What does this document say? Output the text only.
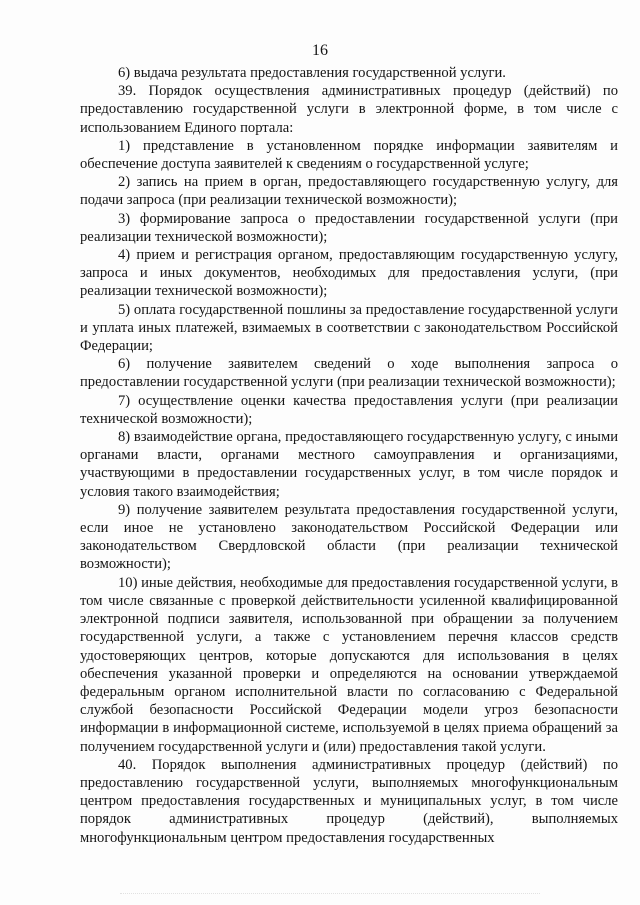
16

6) выдача результата предоставления государственной услуги.

39. Порядок осуществления административных процедур (действий) по предоставлению государственной услуги в электронной форме, в том числе с использованием Единого портала:

1) представление в установленном порядке информации заявителям и обеспечение доступа заявителей к сведениям о государственной услуге;

2) запись на прием в орган, предоставляющего государственную услугу, для подачи запроса (при реализации технической возможности);

3) формирование запроса о предоставлении государственной услуги (при реализации технической возможности);

4) прием и регистрация органом, предоставляющим государственную услугу, запроса и иных документов, необходимых для предоставления услуги, (при реализации технической возможности);

5) оплата государственной пошлины за предоставление государственной услуги и уплата иных платежей, взимаемых в соответствии с законодательством Российской Федерации;

6) получение заявителем сведений о ходе выполнения запроса о предоставлении государственной услуги (при реализации технической возможности);

7) осуществление оценки качества предоставления услуги (при реализации технической возможности);

8) взаимодействие органа, предоставляющего государственную услугу, с иными органами власти, органами местного самоуправления и организациями, участвующими в предоставлении государственных услуг, в том числе порядок и условия такого взаимодействия;

9) получение заявителем результата предоставления государственной услуги, если иное не установлено законодательством Российской Федерации или законодательством Свердловской области (при реализации технической возможности);

10) иные действия, необходимые для предоставления государственной услуги, в том числе связанные с проверкой действительности усиленной квалифицированной электронной подписи заявителя, использованной при обращении за получением государственной услуги, а также с установлением перечня классов средств удостоверяющих центров, которые допускаются для использования в целях обеспечения указанной проверки и определяются на основании утверждаемой федеральным органом исполнительной власти по согласованию с Федеральной службой безопасности Российской Федерации модели угроз безопасности информации в информационной системе, используемой в целях приема обращений за получением государственной услуги и (или) предоставления такой услуги.

40. Порядок выполнения административных процедур (действий) по предоставлению государственной услуги, выполняемых многофункциональным центром предоставления государственных и муниципальных услуг, в том числе порядок административных процедур (действий), выполняемых многофункциональным центром предоставления государственных
